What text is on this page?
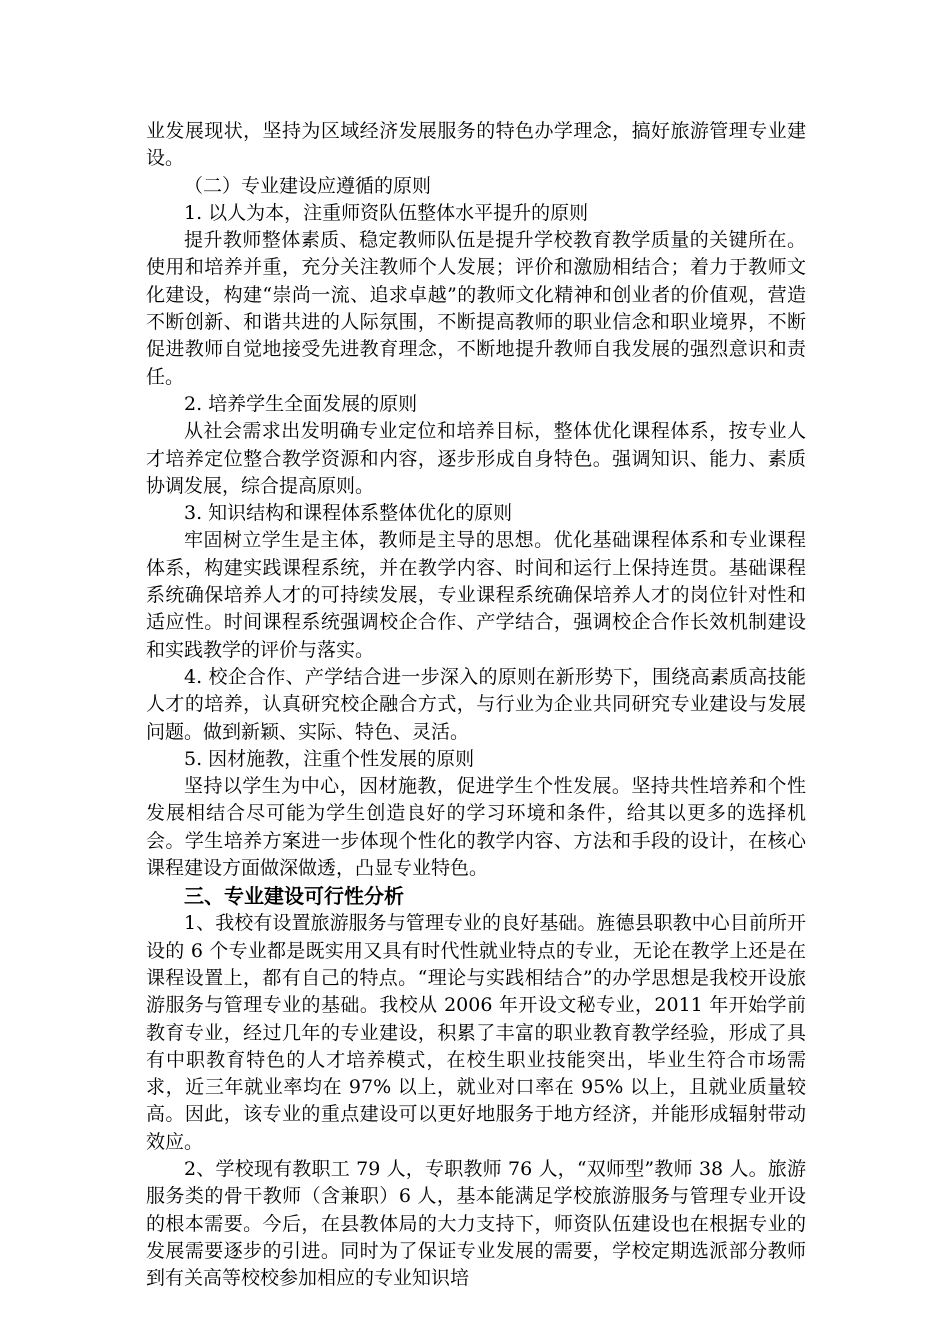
业发展现状，坚持为区域经济发展服务的特色办学理念，搞好旅游管理专业建设。

（二）专业建设应遵循的原则

1. 以人为本，注重师资队伍整体水平提升的原则

提升教师整体素质、稳定教师队伍是提升学校教育教学质量的关键所在。使用和培养并重，充分关注教师个人发展；评价和激励相结合；着力于教师文化建设，构建“崇尚一流、追求卓越”的教师文化精神和创业者的价值观，营造不断创新、和谐共进的人际氛围，不断提高教师的职业信念和职业境界，不断促进教师自觉地接受先进教育理念，不断地提升教师自我发展的强烈意识和责任。

2. 培养学生全面发展的原则

从社会需求出发明确专业定位和培养目标，整体优化课程体系，按专业人才培养定位整合教学资源和内容，逐步形成自身特色。强调知识、能力、素质协调发展，综合提高原则。

3. 知识结构和课程体系整体优化的原则

牢固树立学生是主体，教师是主导的思想。优化基础课程体系和专业课程体系，构建实践课程系统，并在教学内容、时间和运行上保持连贯。基础课程系统确保培养人才的可持续发展，专业课程系统确保培养人才的岗位针对性和适应性。时间课程系统强调校企合作、产学结合，强调校企合作长效机制建设和实践教学的评价与落实。

4. 校企合作、产学结合进一步深入的原则在新形势下，围绕高素质高技能人才的培养，认真研究校企融合方式，与行业为企业共同研究专业建设与发展问题。做到新颖、实际、特色、灵活。

5. 因材施教，注重个性发展的原则

坚持以学生为中心，因材施教，促进学生个性发展。坚持共性培养和个性发展相结合尽可能为学生创造良好的学习环境和条件，给其以更多的选择机会。学生培养方案进一步体现个性化的教学内容、方法和手段的设计，在核心课程建设方面做深做透，凸显专业特色。

三、专业建设可行性分析

1、我校有设置旅游服务与管理专业的良好基础。旌德县职教中心目前所开设的 6 个专业都是既实用又具有时代性就业特点的专业，无论在教学上还是在课程设置上，都有自己的特点。“理论与实践相结合”的办学思想是我校开设旅游服务与管理专业的基础。我校从 2006 年开设文秘专业，2011 年开始学前教育专业，经过几年的专业建设，积累了丰富的职业教育教学经验，形成了具有中职教育特色的人才培养模式，在校生职业技能突出，毕业生符合市场需求，近三年就业率均在 97% 以上，就业对口率在 95% 以上，且就业质量较高。因此，该专业的重点建设可以更好地服务于地方经济，并能形成辐射带动效应。

2、学校现有教职工 79 人，专职教师 76 人，“双师型”教师 38 人。旅游服务类的骨干教师（含兼职）6 人，基本能满足学校旅游服务与管理专业开设的根本需要。今后，在县教体局的大力支持下，师资队伍建设也在根据专业的发展需要逐步的引进。同时为了保证专业发展的需要，学校定期选派部分教师到有关高等校校参加相应的专业知识培
